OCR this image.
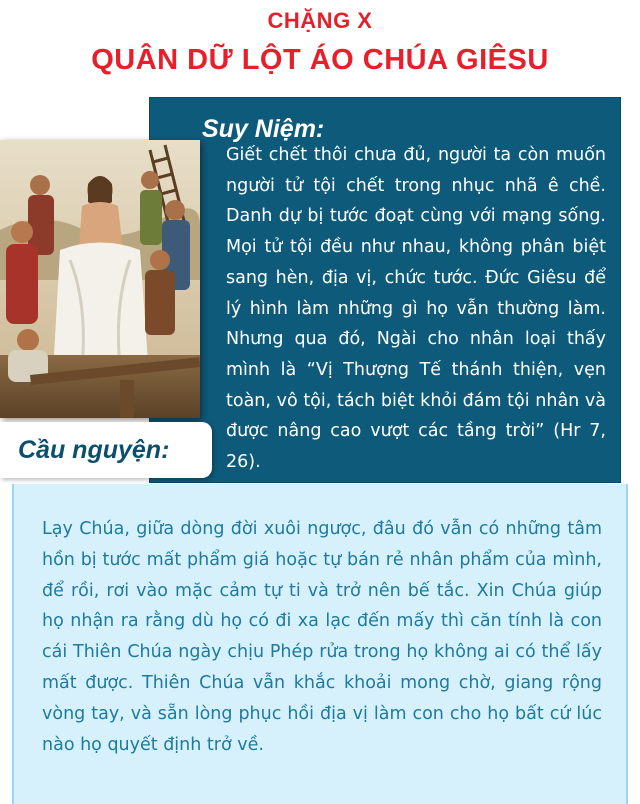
CHẶNG X
QUÂN DỮ LỘT ÁO CHÚA GIÊSU
Suy Niệm:
Giết chết thôi chưa đủ, người ta còn muốn người tử tội chết trong nhục nhã ê chề. Danh dự bị tước đoạt cùng với mạng sống. Mọi tử tội đều như nhau, không phân biệt sang hèn, địa vị, chức tước. Đức Giêsu để lý hình làm những gì họ vẫn thường làm. Nhưng qua đó, Ngài cho nhân loại thấy mình là “Vị Thượng Tế thánh thiện, vẹn toàn, vô tội, tách biệt khỏi đám tội nhân và được nâng cao vượt các tầng trời” (Hr 7, 26).
Cầu nguyện:
Lạy Chúa, giữa dòng đời xuôi ngược, đâu đó vẫn có những tâm hồn bị tước mất phẩm giá hoặc tự bán rẻ nhân phẩm của mình, để rồi, rơi vào mặc cảm tự ti và trở nên bế tắc. Xin Chúa giúp họ nhận ra rằng dù họ có đi xa lạc đến mấy thì căn tính là con cái Thiên Chúa ngày chịu Phép rửa trong họ không ai có thể lấy mất được. Thiên Chúa vẫn khắc khoải mong chờ, giang rộng vòng tay, và sẵn lòng phục hồi địa vị làm con cho họ bất cứ lúc nào họ quyết định trở về.
